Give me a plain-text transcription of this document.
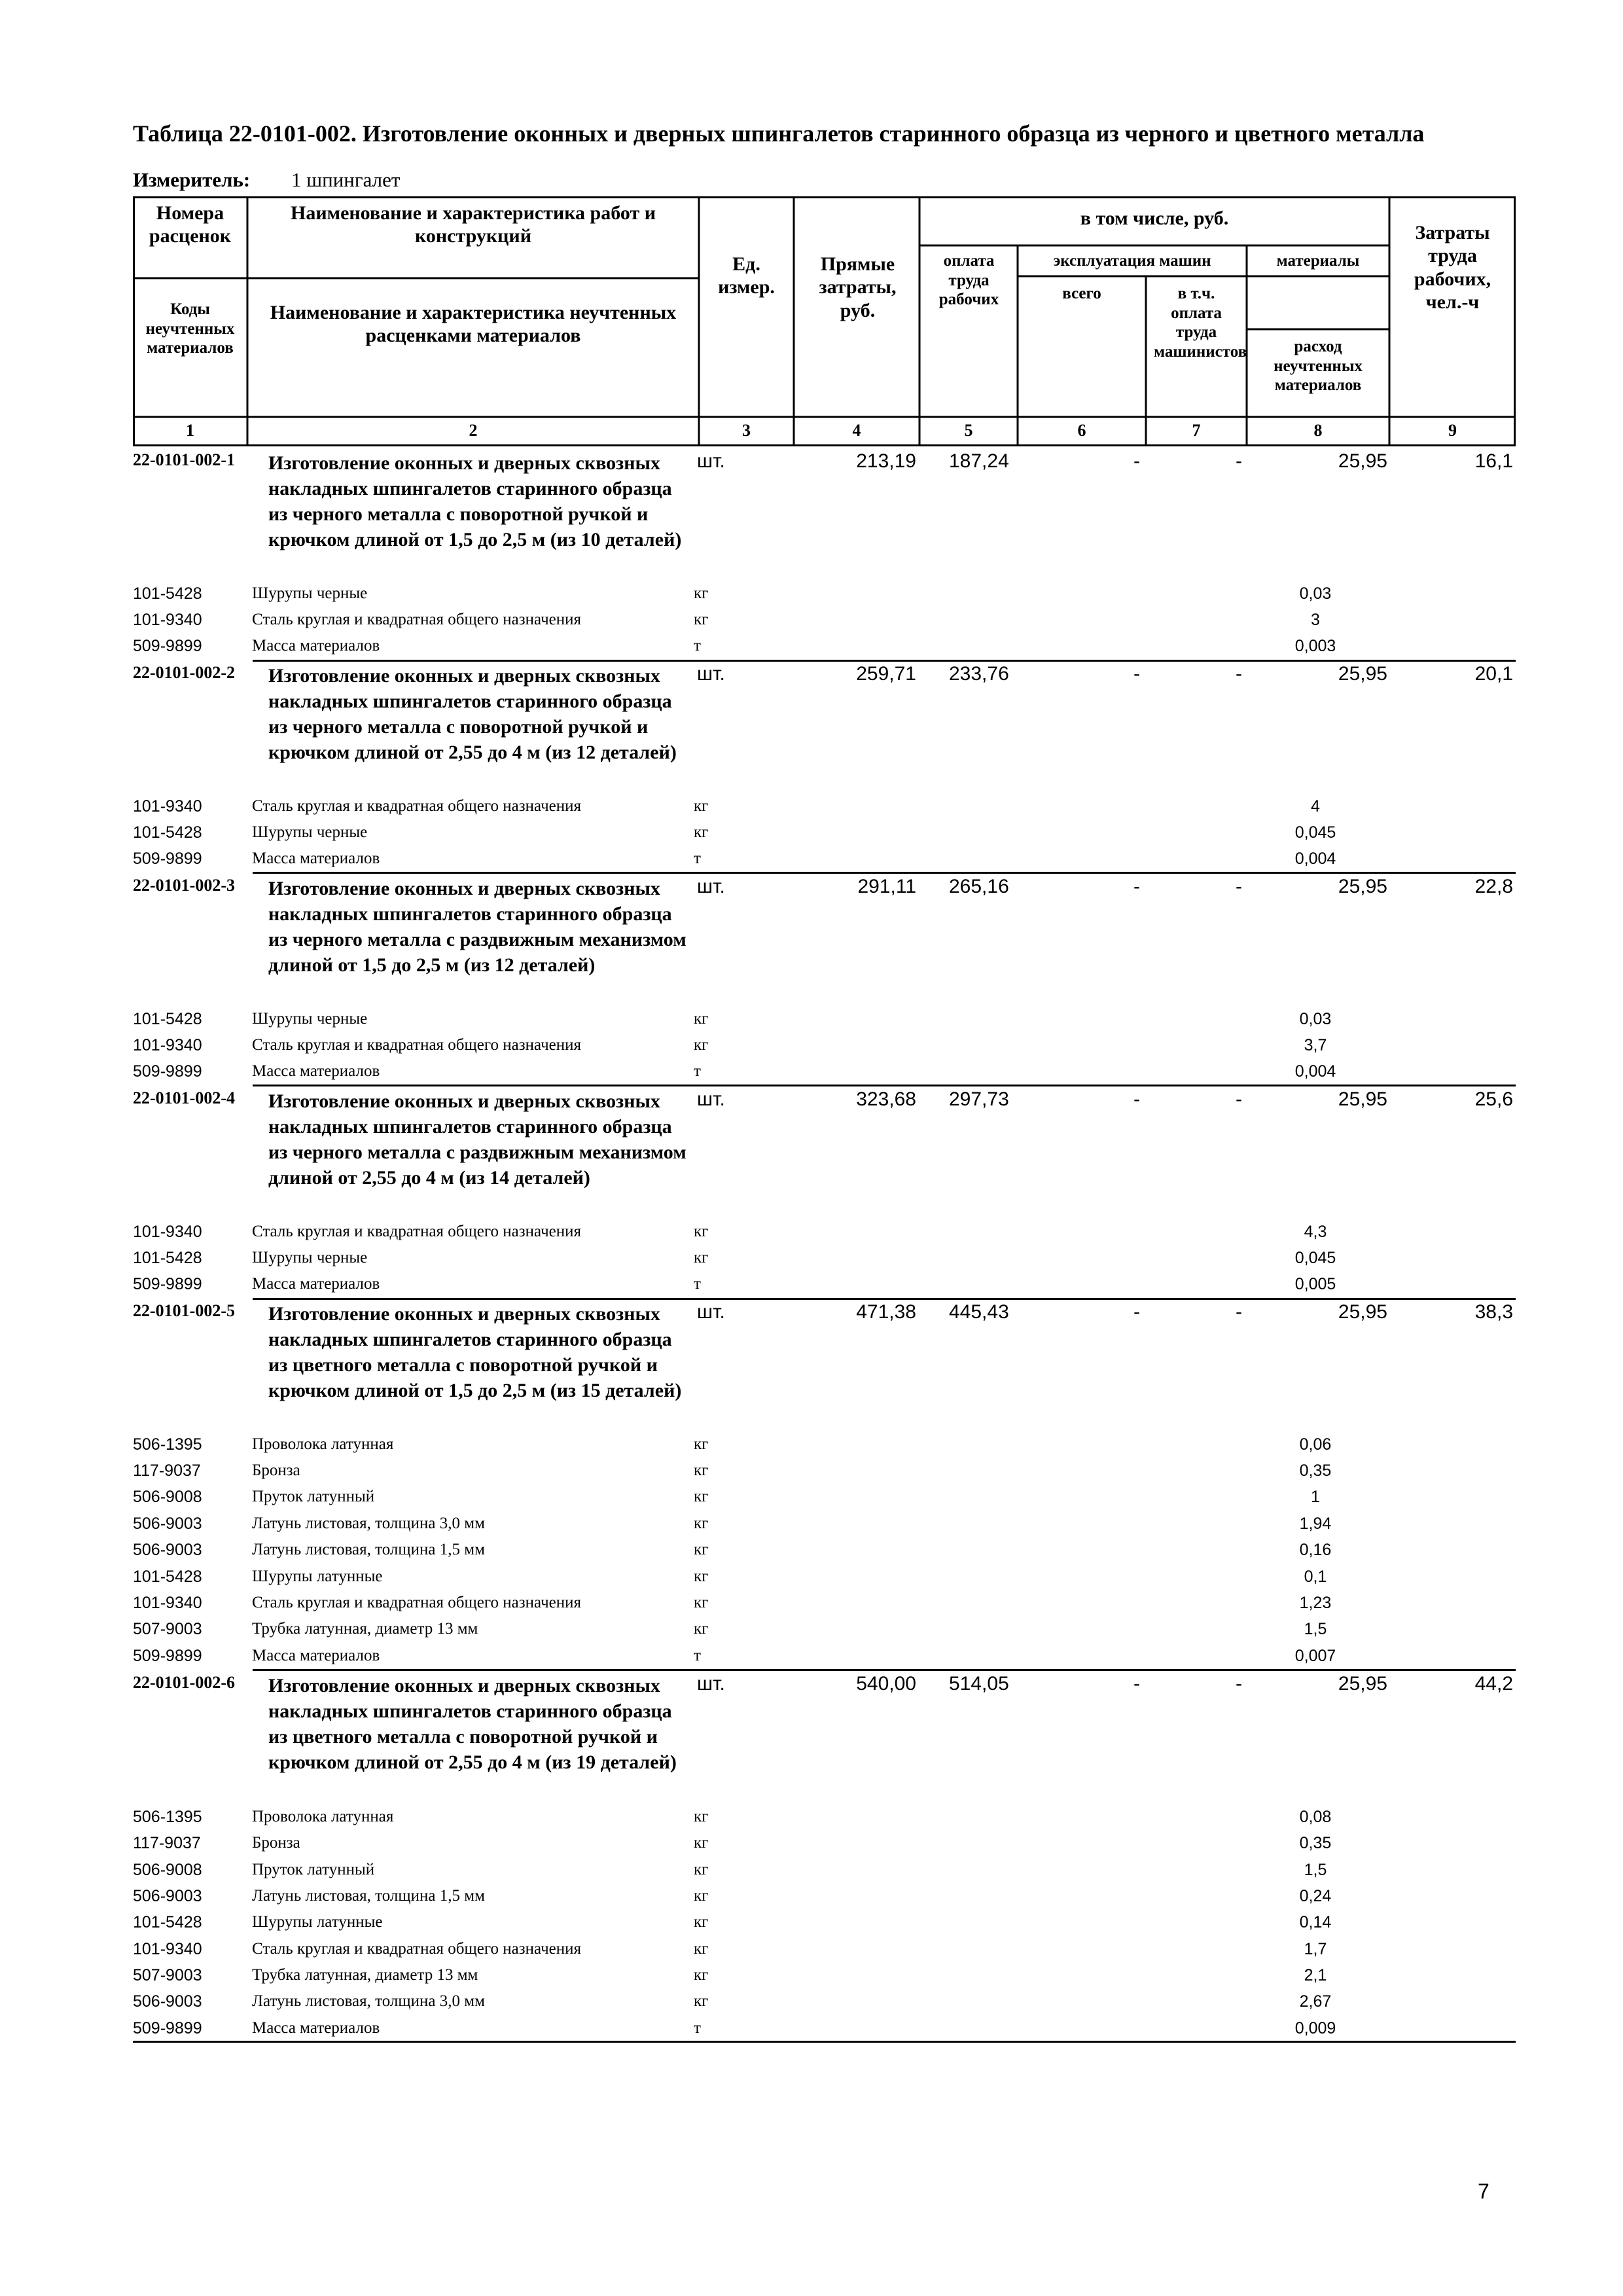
Таблица 22-0101-002. Изготовление оконных и дверных шпингалетов старинного образца из черного и цветного металла
Измеритель: 1 шпингалет
Номера расценок
Коды неучтенных материалов
Наименование и характеристика работ и конструкций
Наименование и характеристика неучтенных расценками материалов
Ед. измер.
Прямые затраты, руб.
в том числе, руб.
оплата труда рабочих
эксплуатация машин
всего	в т.ч. оплата труда машинистов
материалы
расход неучтенных материалов
Затраты труда рабочих, чел.-ч
1	2	3	4	5	6	7	8	9
22-0101-002-1 Изготовление оконных и дверных сквозных накладных шпингалетов старинного образца из черного металла с поворотной ручкой и крючком длиной от 1,5 до 2,5 м (из 10 деталей)
шт.	213,19 187,24	-	-	25,95	16,1
101-5428	Шурупы черные	кг	0,03
101-9340	Сталь круглая и квадратная общего назначения	кг	3
509-9899	Масса материалов	т	0,003
22-0101-002-2 Изготовление оконных и дверных сквозных накладных шпингалетов старинного образца из черного металла с поворотной ручкой и крючком длиной от 2,55 до 4 м (из 12 деталей)
шт.	259,71 233,76	-	-	25,95	20,1
101-9340	Сталь круглая и квадратная общего назначения	кг	4
101-5428	Шурупы черные	кг	0,045
509-9899	Масса материалов	т	0,004
22-0101-002-3 Изготовление оконных и дверных сквозных накладных шпингалетов старинного образца из черного металла с раздвижным механизмом длиной от 1,5 до 2,5 м (из 12 деталей)
шт.	291,11 265,16	-	-	25,95	22,8
101-5428	Шурупы черные	кг	0,03
101-9340	Сталь круглая и квадратная общего назначения	кг	3,7
509-9899	Масса материалов	т	0,004
22-0101-002-4 Изготовление оконных и дверных сквозных накладных шпингалетов старинного образца из черного металла с раздвижным механизмом длиной от 2,55 до 4 м (из 14 деталей)
шт.	323,68 297,73	-	-	25,95	25,6
101-9340	Сталь круглая и квадратная общего назначения	кг	4,3
101-5428	Шурупы черные	кг	0,045
509-9899	Масса материалов	т	0,005
22-0101-002-5 Изготовление оконных и дверных сквозных накладных шпингалетов старинного образца из цветного металла с поворотной ручкой и крючком длиной от 1,5 до 2,5 м (из 15 деталей)
шт.	471,38 445,43	-	-	25,95	38,3
506-1395	Проволока латунная	кг	0,06
117-9037	Бронза	кг	0,35
506-9008	Пруток латунный	кг	1
506-9003	Латунь листовая, толщина 3,0 мм	кг	1,94
506-9003	Латунь листовая, толщина 1,5 мм	кг	0,16
101-5428	Шурупы латунные	кг	0,1
101-9340	Сталь круглая и квадратная общего назначения	кг	1,23
507-9003	Трубка латунная, диаметр 13 мм	кг	1,5
509-9899	Масса материалов	т	0,007
22-0101-002-6 Изготовление оконных и дверных сквозных накладных шпингалетов старинного образца из цветного металла с поворотной ручкой и крючком длиной от 2,55 до 4 м (из 19 деталей)
шт.	540,00 514,05	-	-	25,95	44,2
506-1395	Проволока латунная	кг	0,08
117-9037	Бронза	кг	0,35
506-9008	Пруток латунный	кг	1,5
506-9003	Латунь листовая, толщина 1,5 мм	кг	0,24
101-5428	Шурупы латунные	кг	0,14
101-9340	Сталь круглая и квадратная общего назначения	кг	1,7
507-9003	Трубка латунная, диаметр 13 мм	кг	2,1
506-9003	Латунь листовая, толщина 3,0 мм	кг	2,67
509-9899	Масса материалов	т	0,009
7
